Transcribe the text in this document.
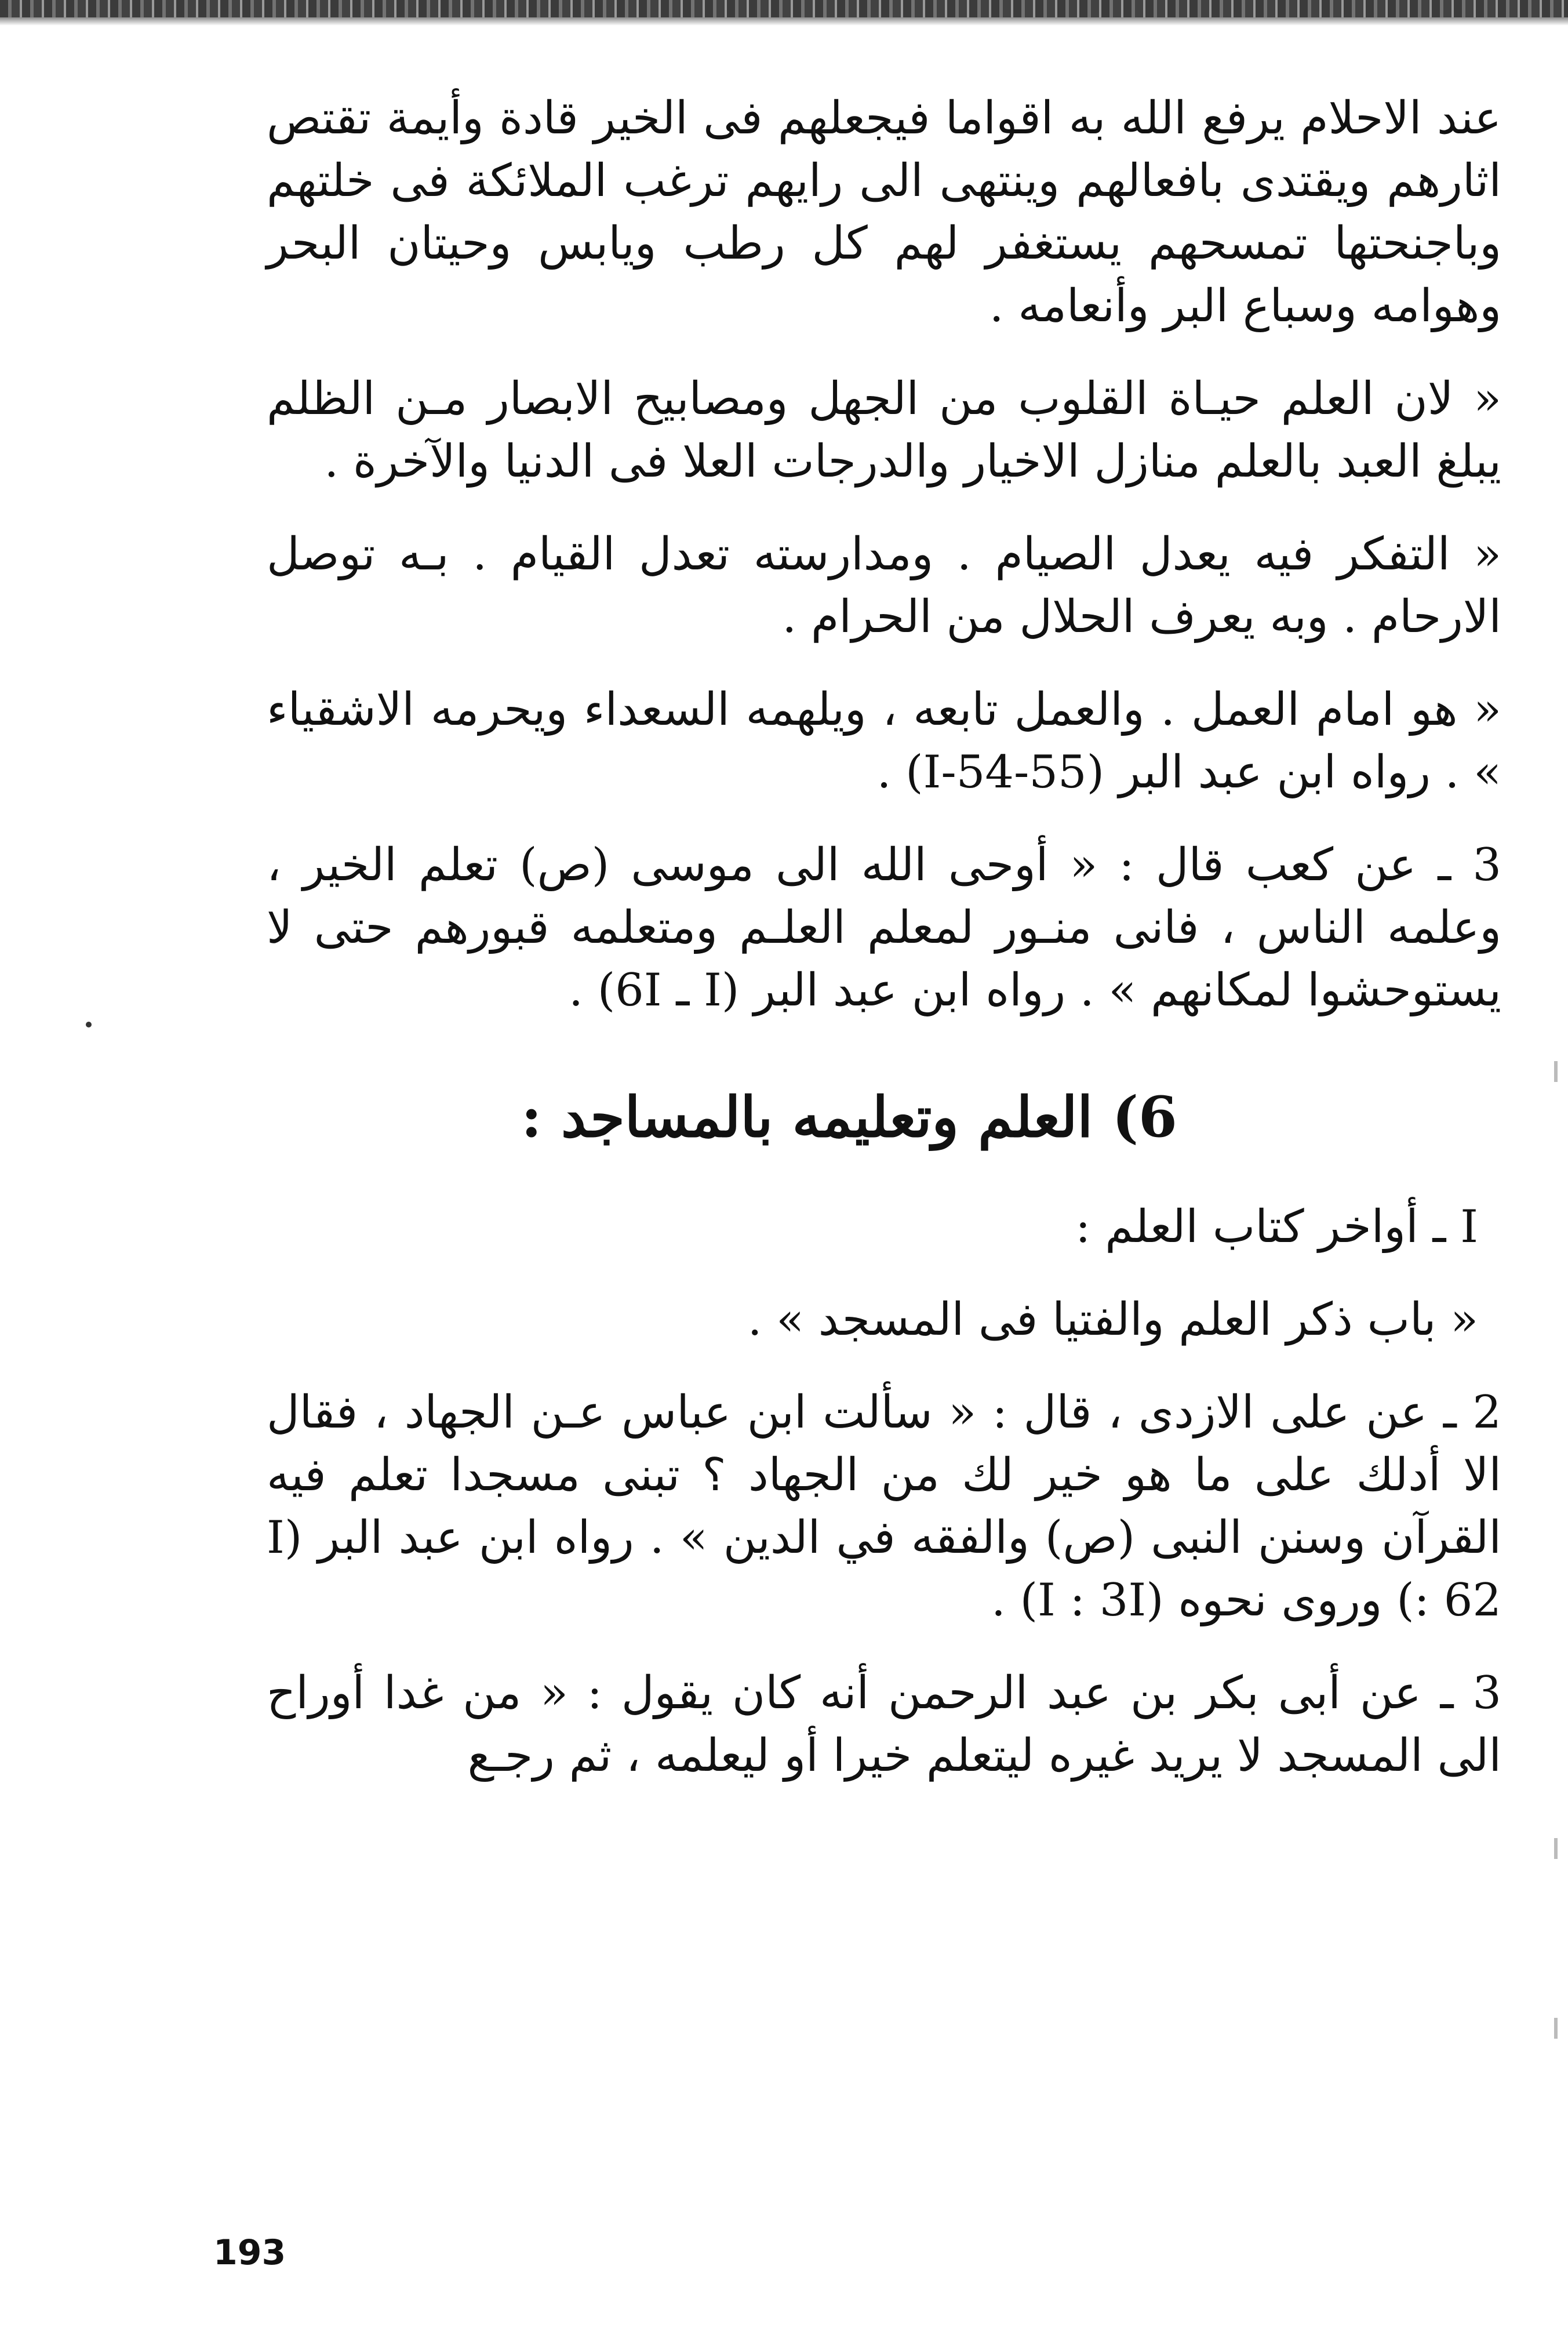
عند الاحلام يرفع الله به اقواما فيجعلهم فى الخير قادة وأيمة تقتص اثارهم ويقتدى بافعالهم وينتهى الى رايهم ترغب الملائكة فى خلتهم وباجنحتها تمسحهم يستغفر لهم كل رطب ويابس وحيتان البحر وهوامه وسباع البر وأنعامه .

« لان العلم حيـاة القلوب من الجهل ومصابيح الابصار مـن الظلم يبلغ العبد بالعلم منازل الاخيار والدرجات العلا فى الدنيا والآخرة .

« التفكر فيه يعدل الصيام . ومدارسته تعدل القيام . بـه توصل الارحام . وبه يعرف الحلال من الحرام .

« هو امام العمل . والعمل تابعه ، ويلهمه السعداء ويحرمه الاشقياء » . رواه ابن عبد البر (I-54-55) .

3 ـ عن كعب قال : « أوحى الله الى موسى (ص) تعلم الخير ، وعلمه الناس ، فانى منـور لمعلم العلـم ومتعلمه قبورهم حتى لا يستوحشوا لمكانهم » . رواه ابن عبد البر (I ـ 6I) .

6) العلم وتعليمه بالمساجد :

I ـ أواخر كتاب العلم :

« باب ذكر العلم والفتيا فى المسجد » .

2 ـ عن على الازدى ، قال : « سألت ابن عباس عـن الجهاد ، فقال الا أدلك على ما هو خير لك من الجهاد ؟ تبنى مسجدا تعلم فيه القرآن وسنن النبى (ص) والفقه في الدين » . رواه ابن عبد البر (I : 62) وروى نحوه (I : 3I) .

3 ـ عن أبى بكر بن عبد الرحمن أنه كان يقول : « من غدا أوراح الى المسجد لا يريد غيره ليتعلم خيرا أو ليعلمه ، ثم رجـع

193
